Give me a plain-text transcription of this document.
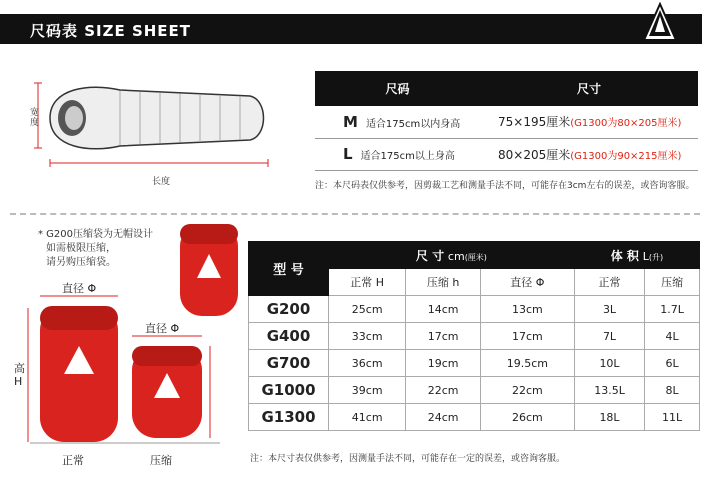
尺码表 SIZE SHEET
宽度
长度
尺码	尺寸
M 适合175cm以内身高	75×195厘米(G1300为80×205厘米)
L 适合175cm以上身高	80×205厘米(G1300为90×215厘米)
注：本尺码表仅供参考，因剪裁工艺和测量手法不同，可能存在3cm左右的误差，或咨询客服。
* G200压缩袋为无帽设计
如需极限压缩，
请另购压缩袋。
直径 Φ
直径 Φ
高
H
正常	压缩
型 号	尺 寸 cm(厘米)			体 积 L(升)	
	正常 H	压缩 h	直径 Φ	正常	压缩
G200	25cm	14cm	13cm	3L	1.7L
G400	33cm	17cm	17cm	7L	4L
G700	36cm	19cm	19.5cm	10L	6L
G1000	39cm	22cm	22cm	13.5L	8L
G1300	41cm	24cm	26cm	18L	11L
注：本尺寸表仅供参考，因测量手法不同，可能存在一定的误差，或咨询客服。
